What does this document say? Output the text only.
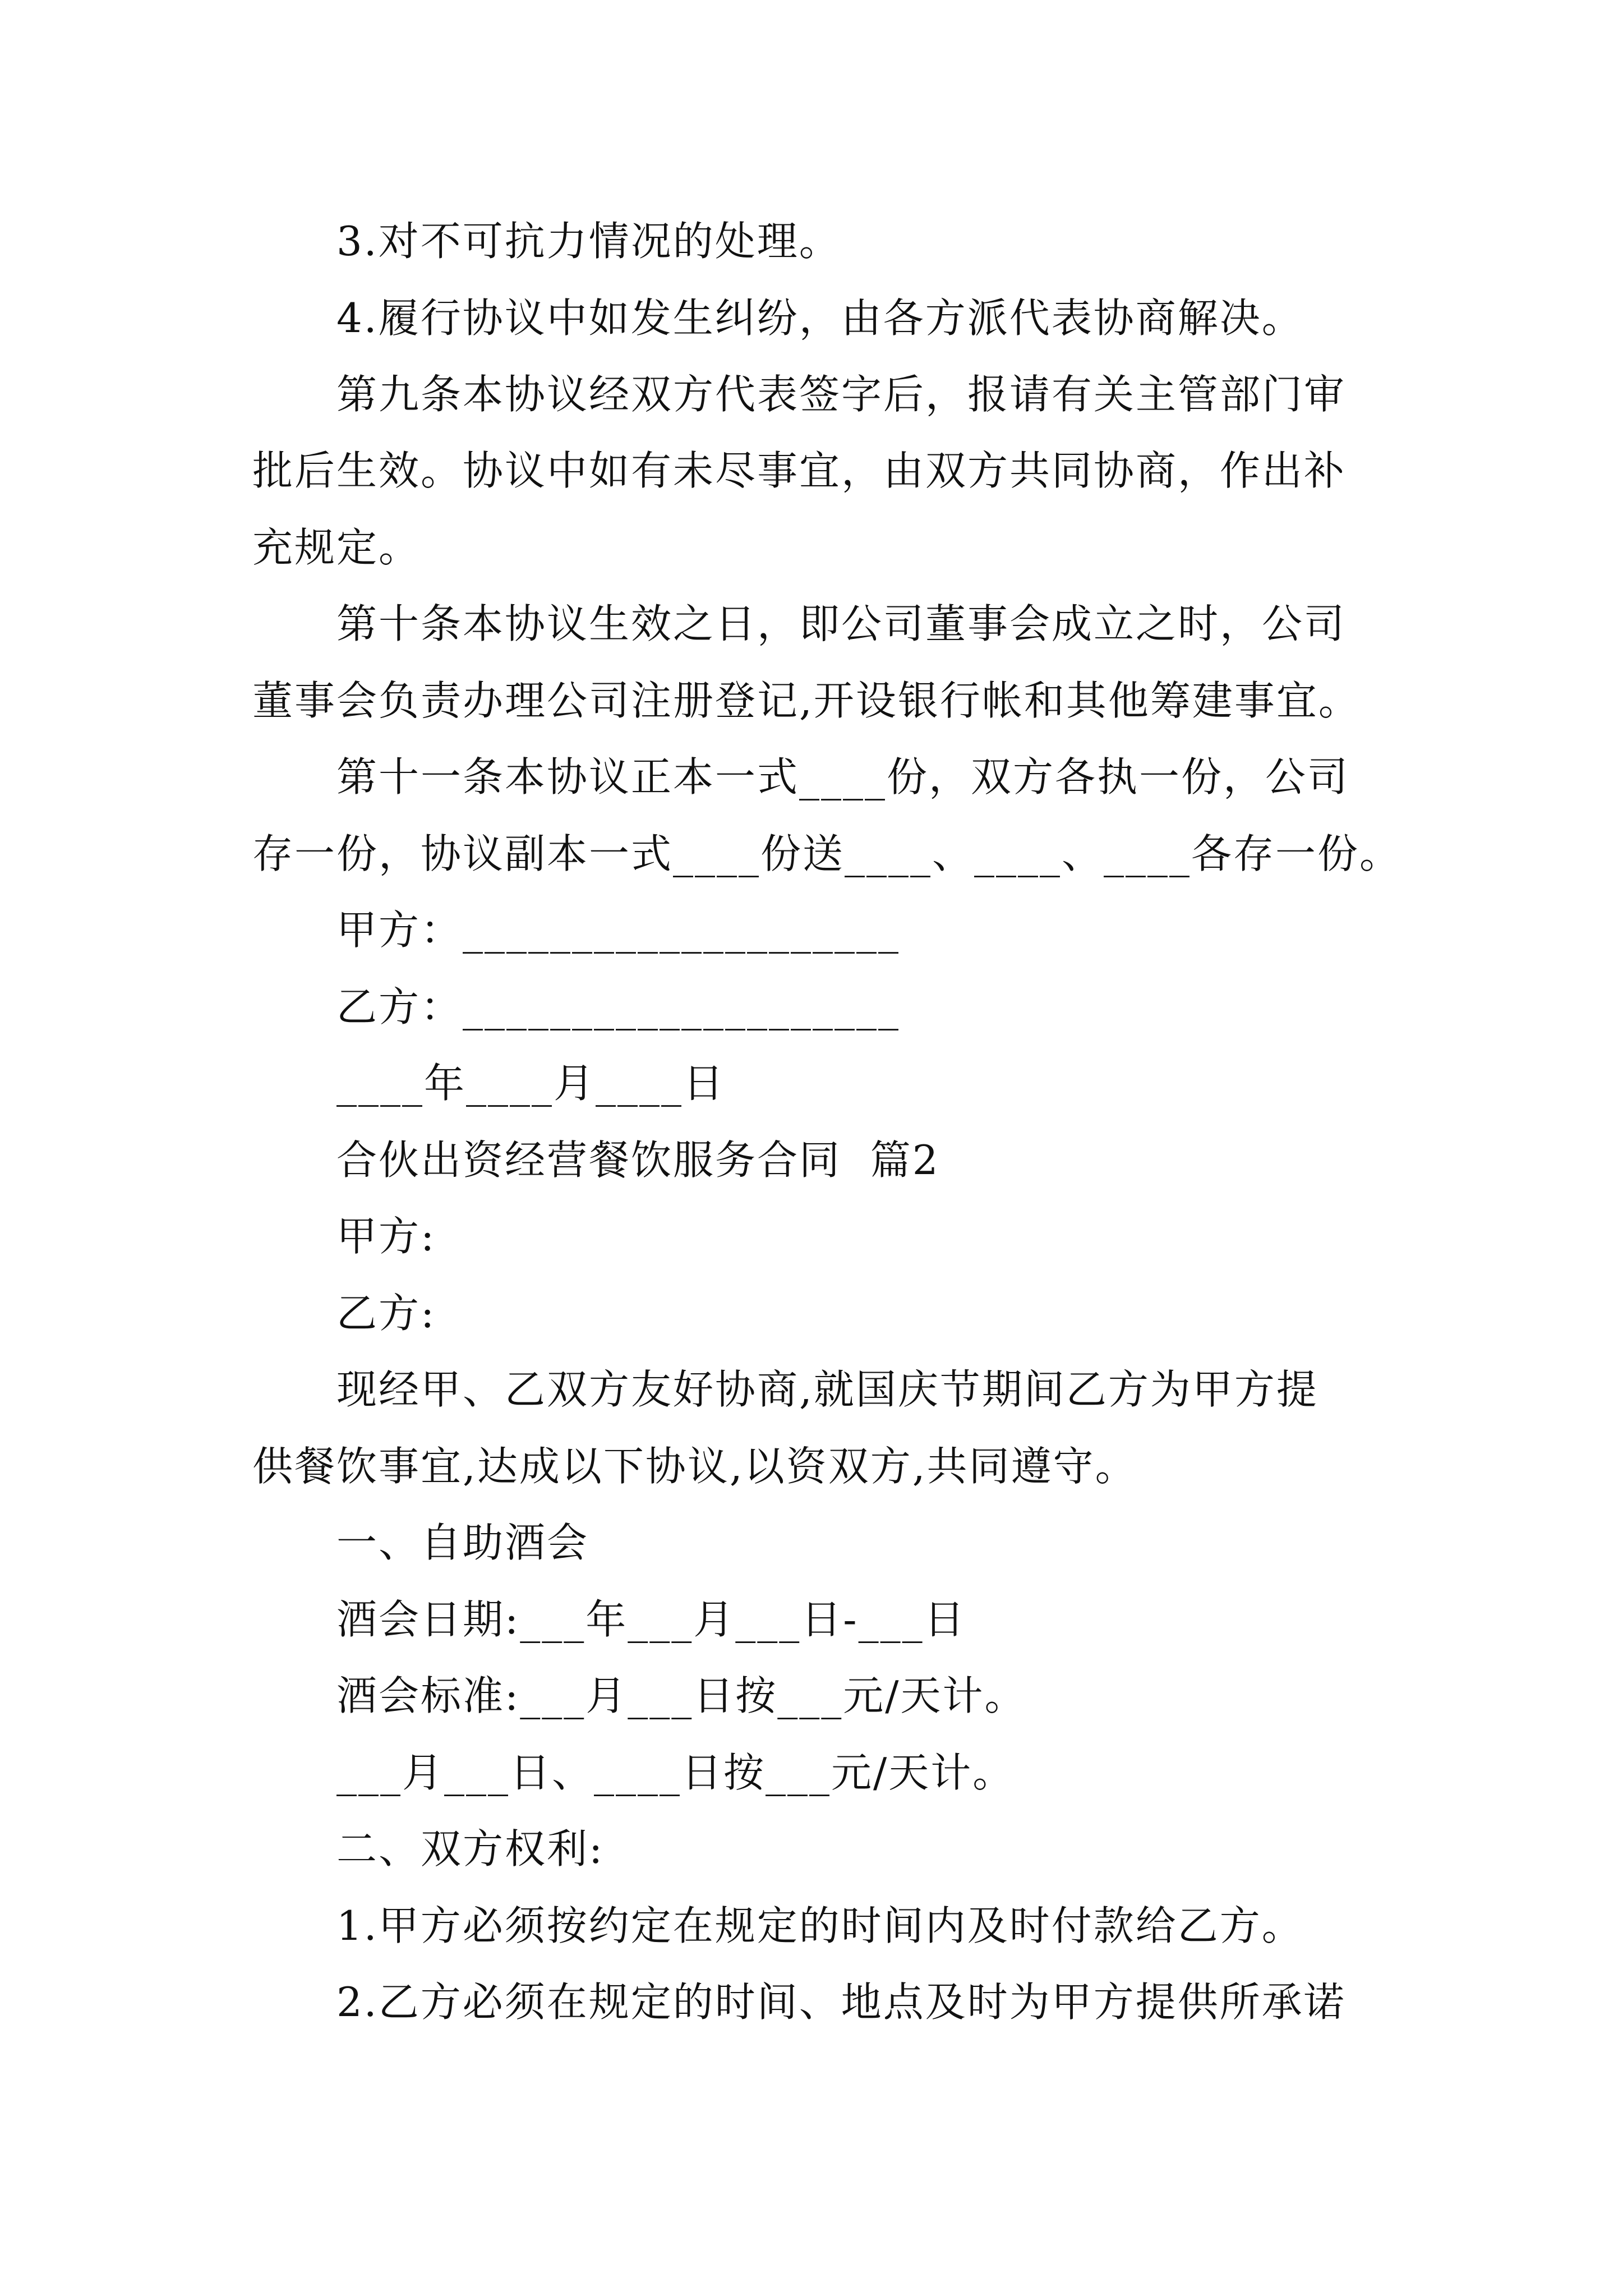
3.对不可抗力情况的处理。
4.履行协议中如发生纠纷，由各方派代表协商解决。
第九条本协议经双方代表签字后，报请有关主管部门审
批后生效。协议中如有未尽事宜，由双方共同协商，作出补
充规定。
第十条本协议生效之日，即公司董事会成立之时，公司
董事会负责办理公司注册登记,开设银行帐和其他筹建事宜。
第十一条本协议正本一式____份，双方各执一份，公司
存一份，协议副本一式____份送____、____、____各存一份。
甲方：____________________
乙方：____________________
____年____月____日
合伙出资经营餐饮服务合同  篇2
甲方:
乙方:
现经甲、乙双方友好协商,就国庆节期间乙方为甲方提
供餐饮事宜,达成以下协议,以资双方,共同遵守。
一、自助酒会
酒会日期:___年___月___日-___日
酒会标准:___月___日按___元/天计。
___月___日、____日按___元/天计。
二、双方权利:
1.甲方必须按约定在规定的时间内及时付款给乙方。
2.乙方必须在规定的时间、地点及时为甲方提供所承诺
